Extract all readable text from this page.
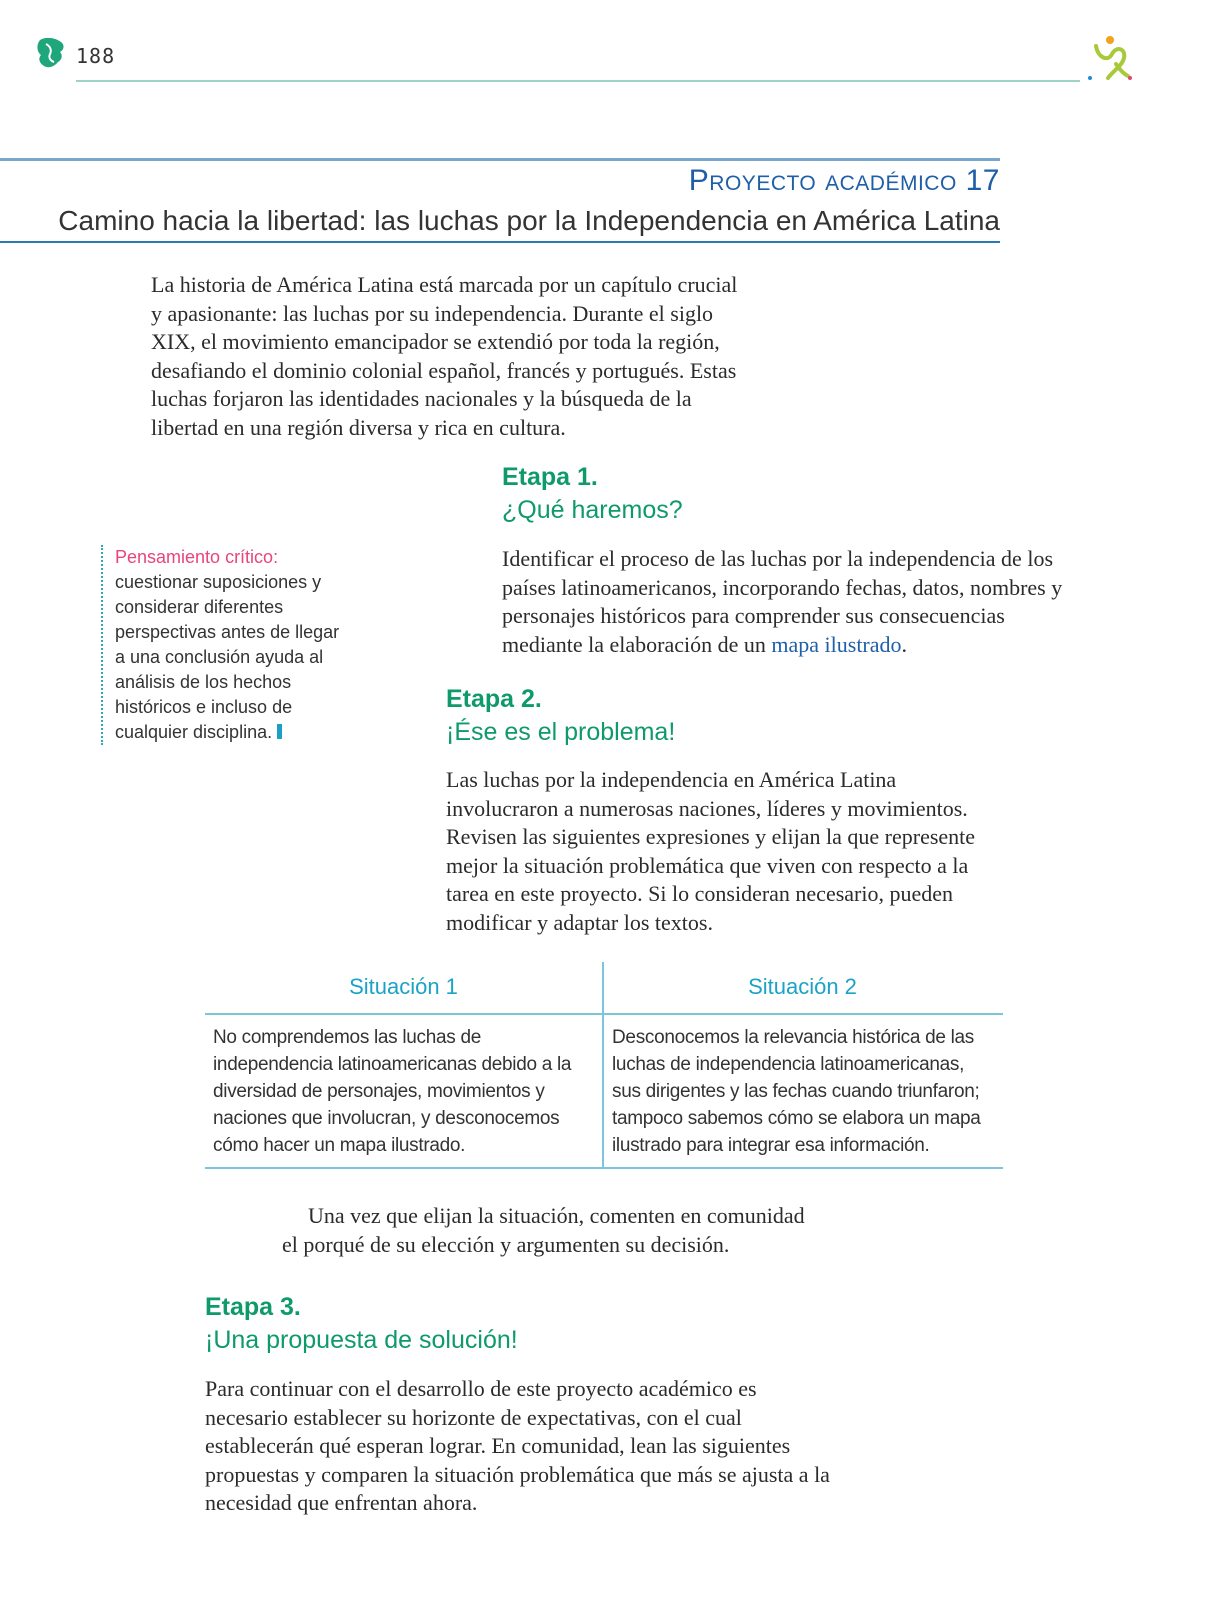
188
Proyecto académico 17
Camino hacia la libertad: las luchas por la Independencia en América Latina
La historia de América Latina está marcada por un capítulo crucial y apasionante: las luchas por su independencia. Durante el siglo XIX, el movimiento emancipador se extendió por toda la región, desafiando el dominio colonial español, francés y portugués. Estas luchas forjaron las identidades nacionales y la búsqueda de la libertad en una región diversa y rica en cultura.
Etapa 1.
¿Qué haremos?
Identificar el proceso de las luchas por la independencia de los países latinoamericanos, incorporando fechas, datos, nombres y personajes históricos para comprender sus consecuencias mediante la elaboración de un mapa ilustrado.
Pensamiento crítico:
cuestionar suposiciones y considerar diferentes perspectivas antes de llegar a una conclusión ayuda al análisis de los hechos históricos e incluso de cualquier disciplina.
Etapa 2.
¡Ése es el problema!
Las luchas por la independencia en América Latina involucraron a numerosas naciones, líderes y movimientos. Revisen las siguientes expresiones y elijan la que represente mejor la situación problemática que viven con respecto a la tarea en este proyecto. Si lo consideran necesario, pueden modificar y adaptar los textos.
Situación 1	Situación 2
No comprendemos las luchas de independencia latinoamericanas debido a la diversidad de personajes, movimientos y naciones que involucran, y desconocemos cómo hacer un mapa ilustrado.
Desconocemos la relevancia histórica de las luchas de independencia latinoamericanas, sus dirigentes y las fechas cuando triunfaron; tampoco sabemos cómo se elabora un mapa ilustrado para integrar esa información.
Una vez que elijan la situación, comenten en comunidad
el porqué de su elección y argumenten su decisión.
Etapa 3.
¡Una propuesta de solución!
Para continuar con el desarrollo de este proyecto académico es necesario establecer su horizonte de expectativas, con el cual establecerán qué esperan lograr. En comunidad, lean las siguientes propuestas y comparen la situación problemática que más se ajusta a la necesidad que enfrentan ahora.
